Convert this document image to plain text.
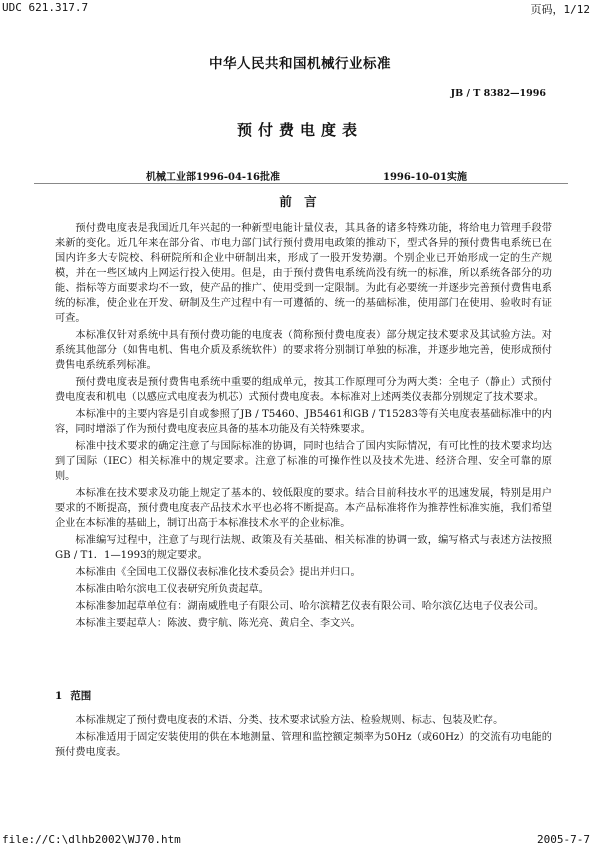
UDC 621.317.7	页码，1/12
中华人民共和国机械行业标准
JB / T 8382—1996
预付费电度表
机械工业部1996-04-16批准	1996-10-01实施
前 言

预付费电度表是我国近几年兴起的一种新型电能计量仪表，其具备的诸多特殊功能，将给电力管理手段带来新的变化。近几年来在部分省、市电力部门试行预付费用电政策的推动下，型式各异的预付费售电系统已在国内许多大专院校、科研院所和企业中研制出来，形成了一股开发势潮。个别企业已开始形成一定的生产规模，并在一些区域内上网运行投入使用。但是，由于预付费售电系统尚没有统一的标准，所以系统各部分的功能、指标等方面要求均不一致，使产品的推广、使用受到一定限制。为此有必要统一并逐步完善预付费售电系统的标准，使企业在开发、研制及生产过程中有一可遵循的、统一的基础标准，使用部门在使用、验收时有证可查。

本标准仅针对系统中具有预付费功能的电度表（简称预付费电度表）部分规定技术要求及其试验方法。对系统其他部分（如售电机、售电介质及系统软件）的要求将分别制订单独的标准，并逐步地完善，使形成预付费售电系统系列标准。

预付费电度表是预付费售电系统中重要的组成单元，按其工作原理可分为两大类：全电子（静止）式预付费电度表和机电（以感应式电度表为机芯）式预付费电度表。本标准对上述两类仪表都分别规定了技术要求。

本标准中的主要内容是引自或参照了JB / T5460、JB5461和GB / T15283等有关电度表基础标准中的内容，同时增添了作为预付费电度表应具备的基本功能及有关特殊要求。

标准中技术要求的确定注意了与国际标准的协调，同时也结合了国内实际情况，有可比性的技术要求均达到了国际（IEC）相关标准中的规定要求。注意了标准的可操作性以及技术先进、经济合理、安全可靠的原则。

本标准在技术要求及功能上规定了基本的、较低限度的要求。结合目前科技水平的迅速发展，特别是用户要求的不断提高，预付费电度表产品技术水平也必将不断提高。本产品标准将作为推荐性标准实施，我们希望企业在本标准的基础上，制订出高于本标准技术水平的企业标准。

标准编写过程中，注意了与现行法规、政策及有关基础、相关标准的协调一致，编写格式与表述方法按照GB / T1．1—1993的规定要求。

本标准由《全国电工仪器仪表标准化技术委员会》提出并归口。

本标准由哈尔滨电工仪表研究所负责起草。

本标准参加起草单位有：湖南威胜电子有限公司、哈尔滨精艺仪表有限公司、哈尔滨亿达电子仪表公司。

本标准主要起草人：陈波、费宇航、陈光亮、黄启全、李文兴。

1 范围

本标准规定了预付费电度表的术语、分类、技术要求试验方法、检验规则、标志、包装及贮存。

本标准适用于固定安装使用的供在本地测量、管理和监控额定频率为50Hz（或60Hz）的交流有功电能的预付费电度表。

file://C:\dlhb2002\WJ70.htm	2005-7-7
